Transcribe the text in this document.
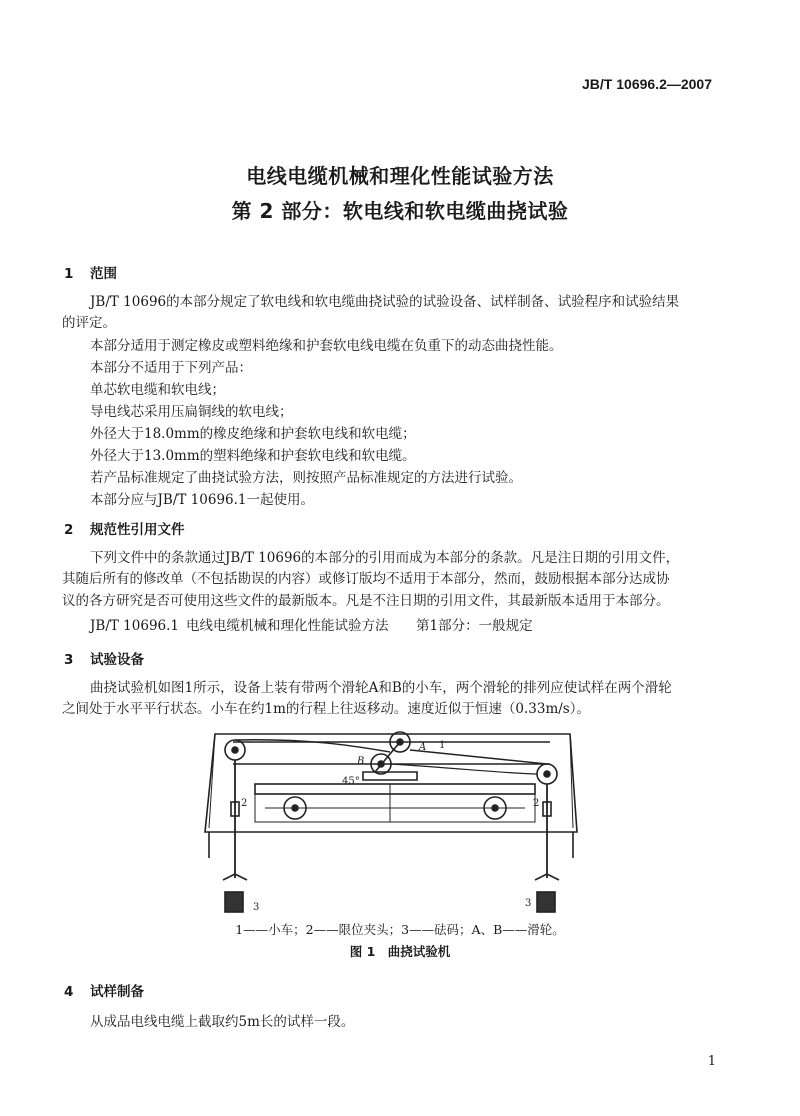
JB/T 10696.2—2007
电线电缆机械和理化性能试验方法
第 2 部分：软电线和软电缆曲挠试验
1 范围
JB/T 10696的本部分规定了软电线和软电缆曲挠试验的试验设备、试样制备、试验程序和试验结果
的评定。
本部分适用于测定橡皮或塑料绝缘和护套软电线电缆在负重下的动态曲挠性能。
本部分不适用于下列产品：
单芯软电缆和软电线；
导电线芯采用压扁铜线的软电线；
外径大于18.0mm的橡皮绝缘和护套软电线和软电缆；
外径大于13.0mm的塑料绝缘和护套软电线和软电缆。
若产品标准规定了曲挠试验方法，则按照产品标准规定的方法进行试验。
本部分应与JB/T 10696.1一起使用。
2 规范性引用文件
下列文件中的条款通过JB/T 10696的本部分的引用而成为本部分的条款。凡是注日期的引用文件，
其随后所有的修改单（不包括勘误的内容）或修订版均不适用于本部分，然而，鼓励根据本部分达成协
议的各方研究是否可使用这些文件的最新版本。凡是不注日期的引用文件，其最新版本适用于本部分。
JB/T 10696.1 电线电缆机械和理化性能试验方法 第1部分：一般规定
3 试验设备
曲挠试验机如图1所示，设备上装有带两个滑轮A和B的小车，两个滑轮的排列应使试样在两个滑轮
之间处于水平平行状态。小车在约1m的行程上往返移动。速度近似于恒速（0.33m/s）。
1
A
B
45°
2	2
3	3
1——小车；2——限位夹头；3——砝码；A、B——滑轮。
图 1　曲挠试验机
4 试样制备
从成品电线电缆上截取约5m长的试样一段。
1
